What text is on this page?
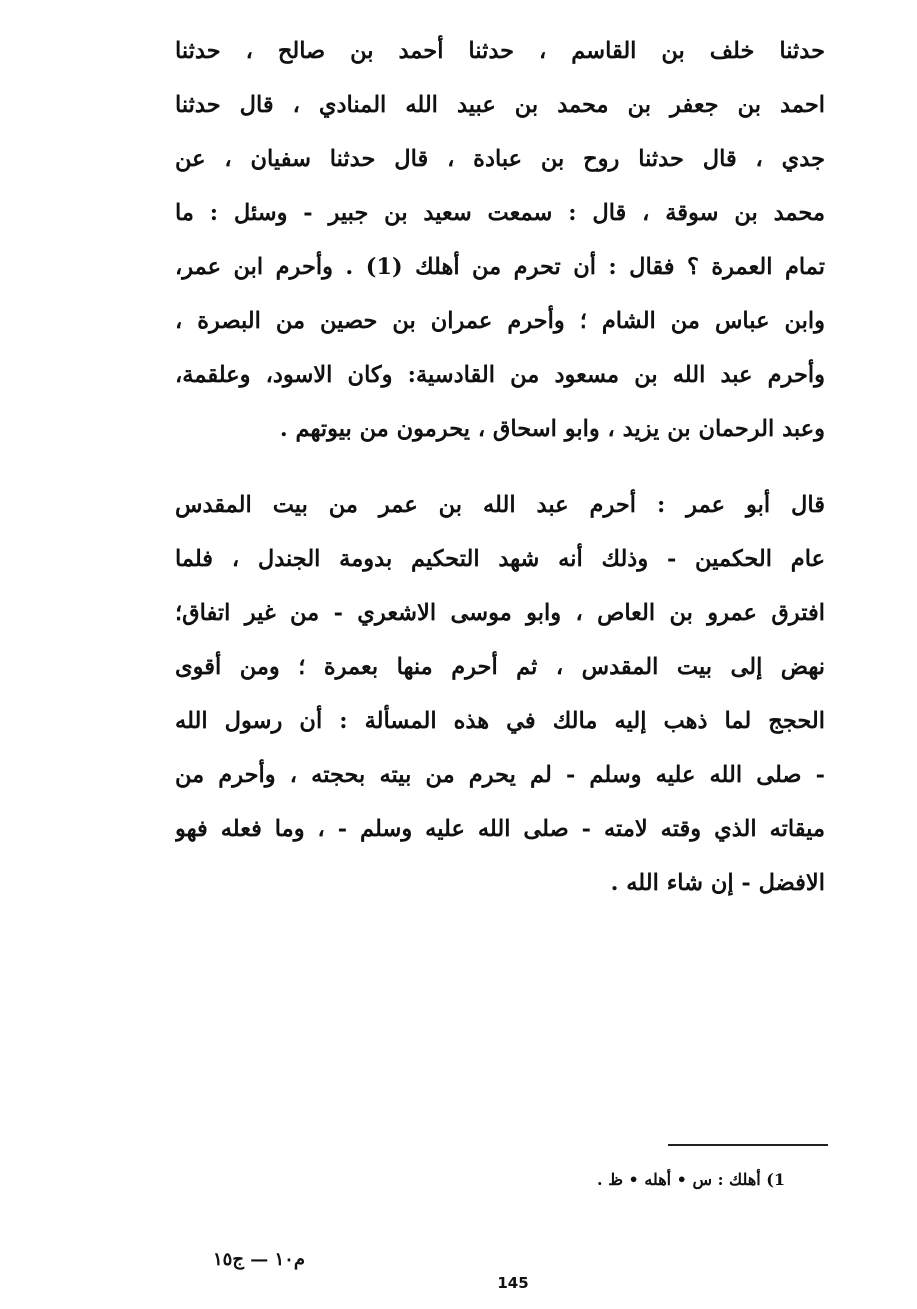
حدثنا خلف بن القاسم ، حدثنا أحمد بن صالح ، حدثنا
احمد بن جعفر بن محمد بن عبيد الله المنادي ، قال حدثنا
جدي ، قال حدثنا روح بن عبادة ، قال حدثنا سفيان ، عن
محمد بن سوقة ، قال : سمعت سعيد بن جبير - وسئل : ما
تمام العمرة ؟ فقال : أن تحرم من أهلك (1) . وأحرم ابن عمر،
وابن عباس من الشام ؛ وأحرم عمران بن حصين من البصرة ،
وأحرم عبد الله بن مسعود من القادسية: وكان الاسود، وعلقمة،
وعبد الرحمان بن يزيد ، وابو اسحاق ، يحرمون من بيوتهم .
قال أبو عمر : أحرم عبد الله بن عمر من بيت المقدس
عام الحكمين - وذلك أنه شهد التحكيم بدومة الجندل ، فلما
افترق عمرو بن العاص ، وابو موسى الاشعري - من غير اتفاق؛
نهض إلى بيت المقدس ، ثم أحرم منها بعمرة ؛ ومن أقوى
الحجج لما ذهب إليه مالك في هذه المسألة : أن رسول الله
- صلى الله عليه وسلم - لم يحرم من بيته بحجته ، وأحرم من
ميقاته الذي وقته لامته - صلى الله عليه وسلم - ، وما فعله فهو
الافضل - إن شاء الله .
1) أهلك : س • أهله • ظ .
م١٠ — ج١٥
145
